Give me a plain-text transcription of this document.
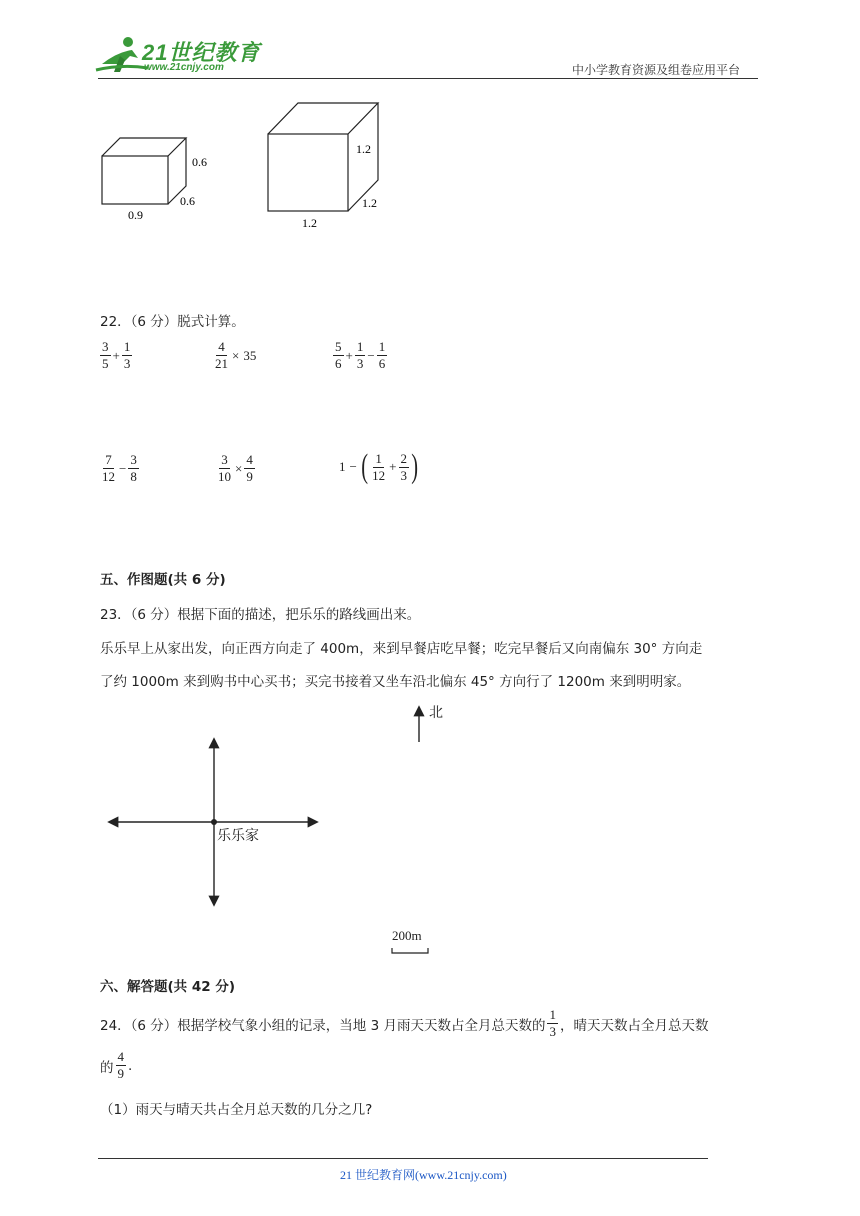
21世纪教育
www.21cnjy.com	中小学教育资源及组卷应用平台
0.6
0.6
0.9
1.2
1.2
1.2
22．（6 分）脱式计算。
$\frac{3}{5} + \frac{1}{3}$	$\frac{4}{21} \times 35$	$\frac{5}{6} + \frac{1}{3} - \frac{1}{6}$
$\frac{7}{12} - \frac{3}{8}$	$\frac{3}{10} \times \frac{4}{9}$	1 − ( $\frac{1}{12} + \frac{2}{3}$ )
五、作图题(共 6 分)
23．（6 分）根据下面的描述，把乐乐的路线画出来。
乐乐早上从家出发，向正西方向走了 400m，来到早餐店吃早餐；吃完早餐后又向南偏东 30° 方向走
了约 1000m 来到购书中心买书；买完书接着又坐车沿北偏东 45° 方向行了 1200m 来到明明家。
北
乐乐家
200m
六、解答题(共 42 分)
24．（6 分）根据学校气象小组的记录，当地 3 月雨天天数占全月总天数的 $\frac{1}{3}$ ，晴天天数占全月总天数
的 $\frac{4}{9}$ .
（1）雨天与晴天共占全月总天数的几分之几?
21 世纪教育网(www.21cnjy.com)
